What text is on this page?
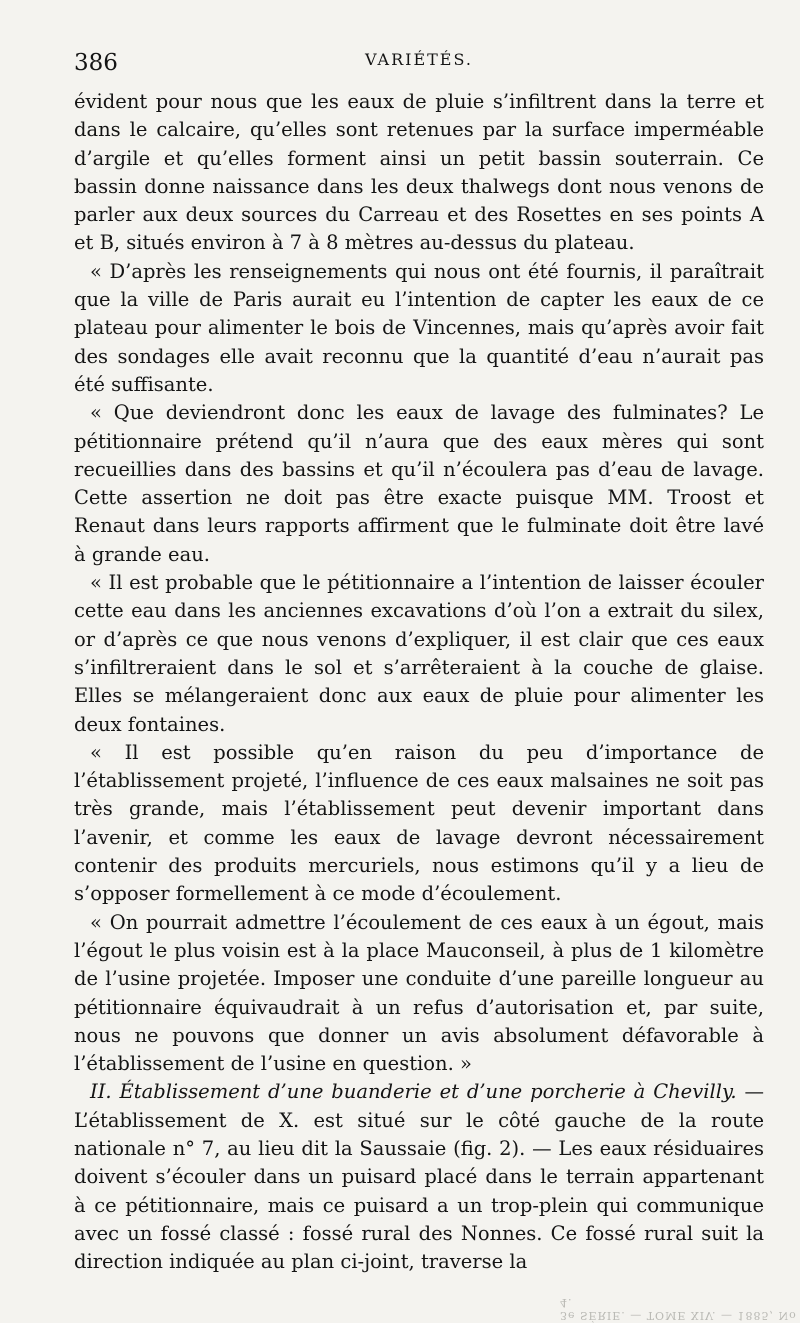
386	VARIÉTÉS.

évident pour nous que les eaux de pluie s’infiltrent dans la terre et dans le calcaire, qu’elles sont retenues par la surface imperméable d’argile et qu’elles forment ainsi un petit bassin souterrain. Ce bassin donne naissance dans les deux thalwegs dont nous venons de parler aux deux sources du Carreau et des Rosettes en ses points A et B, situés environ à 7 à 8 mètres au-dessus du plateau.

« D’après les renseignements qui nous ont été fournis, il paraîtrait que la ville de Paris aurait eu l’intention de capter les eaux de ce plateau pour alimenter le bois de Vincennes, mais qu’après avoir fait des sondages elle avait reconnu que la quantité d’eau n’aurait pas été suffisante.

« Que deviendront donc les eaux de lavage des fulminates? Le pétitionnaire prétend qu’il n’aura que des eaux mères qui sont recueillies dans des bassins et qu’il n’écoulera pas d’eau de lavage. Cette assertion ne doit pas être exacte puisque MM. Troost et Renaut dans leurs rapports affirment que le fulminate doit être lavé à grande eau.

« Il est probable que le pétitionnaire a l’intention de laisser écouler cette eau dans les anciennes excavations d’où l’on a extrait du silex, or d’après ce que nous venons d’expliquer, il est clair que ces eaux s’infiltreraient dans le sol et s’arrêteraient à la couche de glaise. Elles se mélangeraient donc aux eaux de pluie pour alimenter les deux fontaines.

« Il est possible qu’en raison du peu d’importance de l’établissement projeté, l’influence de ces eaux malsaines ne soit pas très grande, mais l’établissement peut devenir important dans l’avenir, et comme les eaux de lavage devront nécessairement contenir des produits mercuriels, nous estimons qu’il y a lieu de s’opposer formellement à ce mode d’écoulement.

« On pourrait admettre l’écoulement de ces eaux à un égout, mais l’égout le plus voisin est à la place Mauconseil, à plus de 1 kilomètre de l’usine projetée. Imposer une conduite d’une pareille longueur au pétitionnaire équivaudrait à un refus d’autorisation et, par suite, nous ne pouvons que donner un avis absolument défavorable à l’établissement de l’usine en question. »

II. Établissement d’une buanderie et d’une porcherie à Chevilly. — L’établissement de X. est situé sur le côté gauche de la route nationale n° 7, au lieu dit la Saussaie (fig. 2). — Les eaux résiduaires doivent s’écouler dans un puisard placé dans le terrain appartenant à ce pétitionnaire, mais ce puisard a un trop-plein qui communique avec un fossé classé : fossé rural des Nonnes. Ce fossé rural suit la direction indiquée au plan ci-joint, traverse la

3e SÉRIE. — TOME XIV. — 1885, No 4.
